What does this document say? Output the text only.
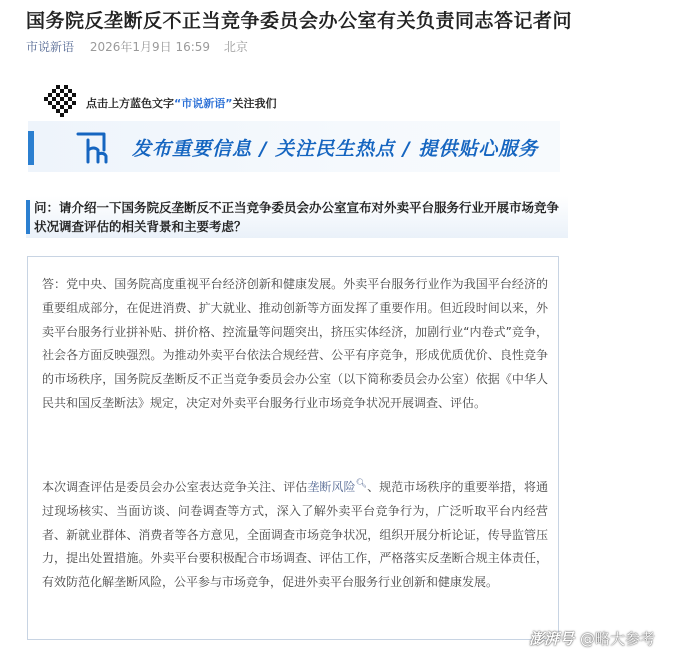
国务院反垄断反不正当竞争委员会办公室有关负责同志答记者问
市说新语 2026年1月9日 16:59 北京
点击上方蓝色文字“市说新语”关注我们
发布重要信息 / 关注民生热点 / 提供贴心服务
问：请介绍一下国务院反垄断反不正当竞争委员会办公室宣布对外卖平台服务行业开展市场竞争状况调查评估的相关背景和主要考虑？
答：党中央、国务院高度重视平台经济创新和健康发展。外卖平台服务行业作为我国平台经济的重要组成部分，在促进消费、扩大就业、推动创新等方面发挥了重要作用。但近段时间以来，外卖平台服务行业拼补贴、拼价格、控流量等问题突出，挤压实体经济，加剧行业“内卷式”竞争，社会各方面反映强烈。为推动外卖平台依法合规经营、公平有序竞争，形成优质优价、良性竞争的市场秩序，国务院反垄断反不正当竞争委员会办公室（以下简称委员会办公室）依据《中华人民共和国反垄断法》规定，决定对外卖平台服务行业市场竞争状况开展调查、评估。
本次调查评估是委员会办公室表达竞争关注、评估垄断风险🔍︎、规范市场秩序的重要举措，将通过现场核实、当面访谈、问卷调查等方式，深入了解外卖平台竞争行为，广泛听取平台内经营者、新就业群体、消费者等各方意见，全面调查市场竞争状况，组织开展分析论证，传导监管压力，提出处置措施。外卖平台要积极配合市场调查、评估工作，严格落实反垄断合规主体责任，有效防范化解垄断风险，公平参与市场竞争，促进外卖平台服务行业创新和健康发展。
澎湃号 @略大参考
